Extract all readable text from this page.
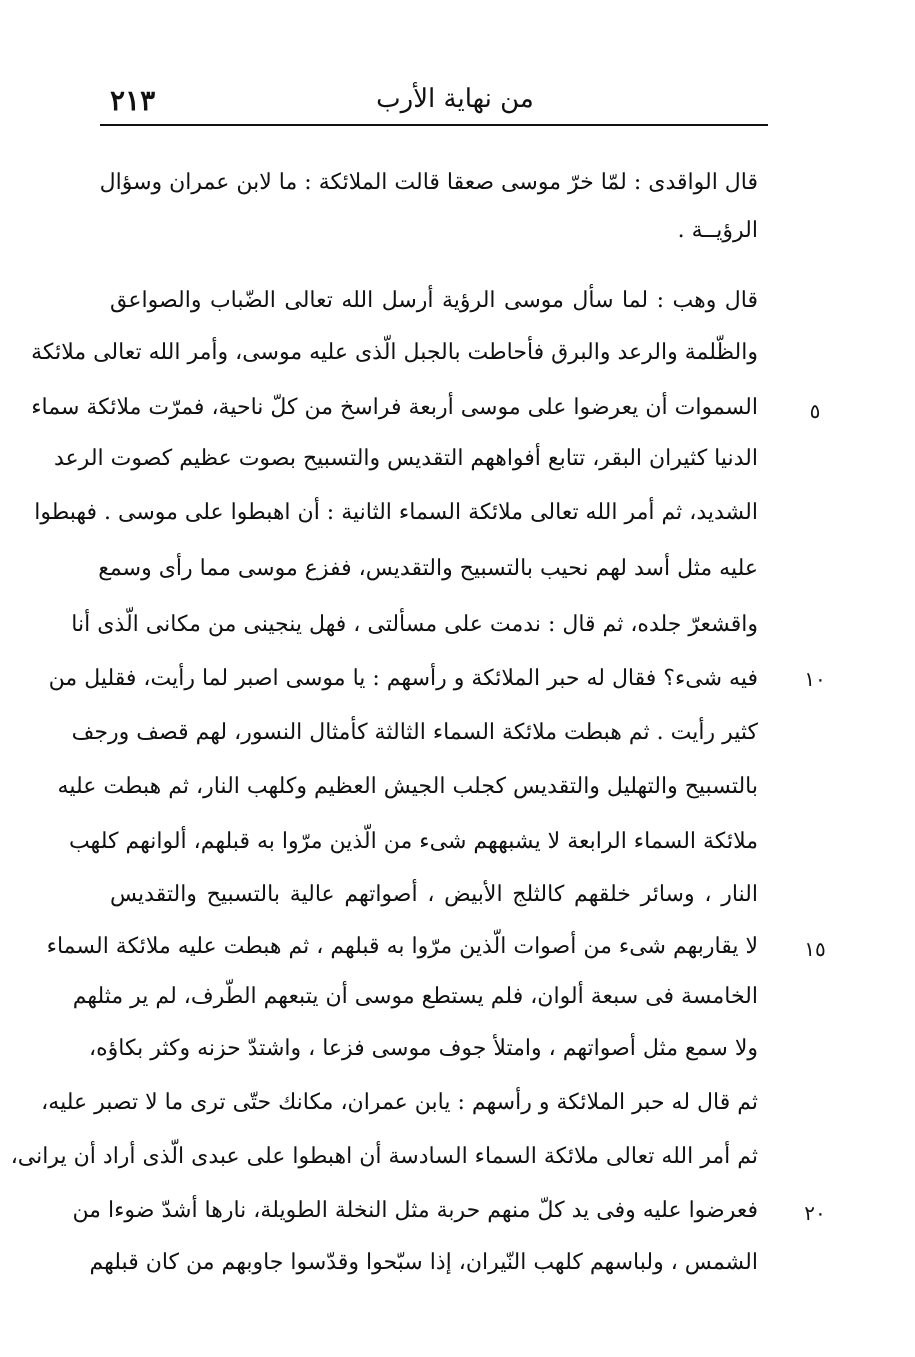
٢١٣	من نهاية الأرب
قال الواقدى : لمّا خرّ موسى صعقا قالت الملائكة : ما لابن عمران وسؤال
الرؤيــة .
قال وهب : لما سأل موسى الرؤية أرسل الله تعالى الضّباب والصواعق
والظّلمة والرعد والبرق فأحاطت بالجبل الّذى عليه موسى، وأمر الله تعالى ملائكة
السموات أن يعرضوا على موسى أربعة فراسخ من كلّ ناحية، فمرّت ملائكة سماء
الدنيا كثيران البقر، تتابع أفواههم التقديس والتسبيح بصوت عظيم كصوت الرعد
الشديد، ثم أمر الله تعالى ملائكة السماء الثانية : أن اهبطوا على موسى . فهبطوا
عليه مثل أسد لهم نحيب بالتسبيح والتقديس، ففزع موسى مما رأى وسمع
واقشعرّ جلده، ثم قال : ندمت على مسألتى ، فهل ينجينى من مكانى الّذى أنا
فيه شىء؟ فقال له حبر الملائكة و رأسهم : يا موسى اصبر لما رأيت، فقليل من
كثير رأيت . ثم هبطت ملائكة السماء الثالثة كأمثال النسور، لهم قصف ورجف
بالتسبيح والتهليل والتقديس كجلب الجيش العظيم وكلهب النار، ثم هبطت عليه
ملائكة السماء الرابعة لا يشبههم شىء من الّذين مرّوا به قبلهم، ألوانهم كلهب
النار ، وسائر خلقهم كالثلج الأبيض ، أصواتهم عالية بالتسبيح والتقديس
لا يقاربهم شىء من أصوات الّذين مرّوا به قبلهم ، ثم هبطت عليه ملائكة السماء
الخامسة فى سبعة ألوان، فلم يستطع موسى أن يتبعهم الطّرف، لم ير مثلهم
ولا سمع مثل أصواتهم ، وامتلأ جوف موسى فزعا ، واشتدّ حزنه وكثر بكاؤه،
ثم قال له حبر الملائكة و رأسهم : يابن عمران، مكانك حتّى ترى ما لا تصبر عليه،
ثم أمر الله تعالى ملائكة السماء السادسة أن اهبطوا على عبدى الّذى أراد أن يرانى،
فعرضوا عليه وفى يد كلّ منهم حربة مثل النخلة الطويلة، نارها أشدّ ضوءا من
الشمس ، ولباسهم كلهب النّيران، إذا سبّحوا وقدّسوا جاوبهم من كان قبلهم
٥
١٠
١٥
٢٠
